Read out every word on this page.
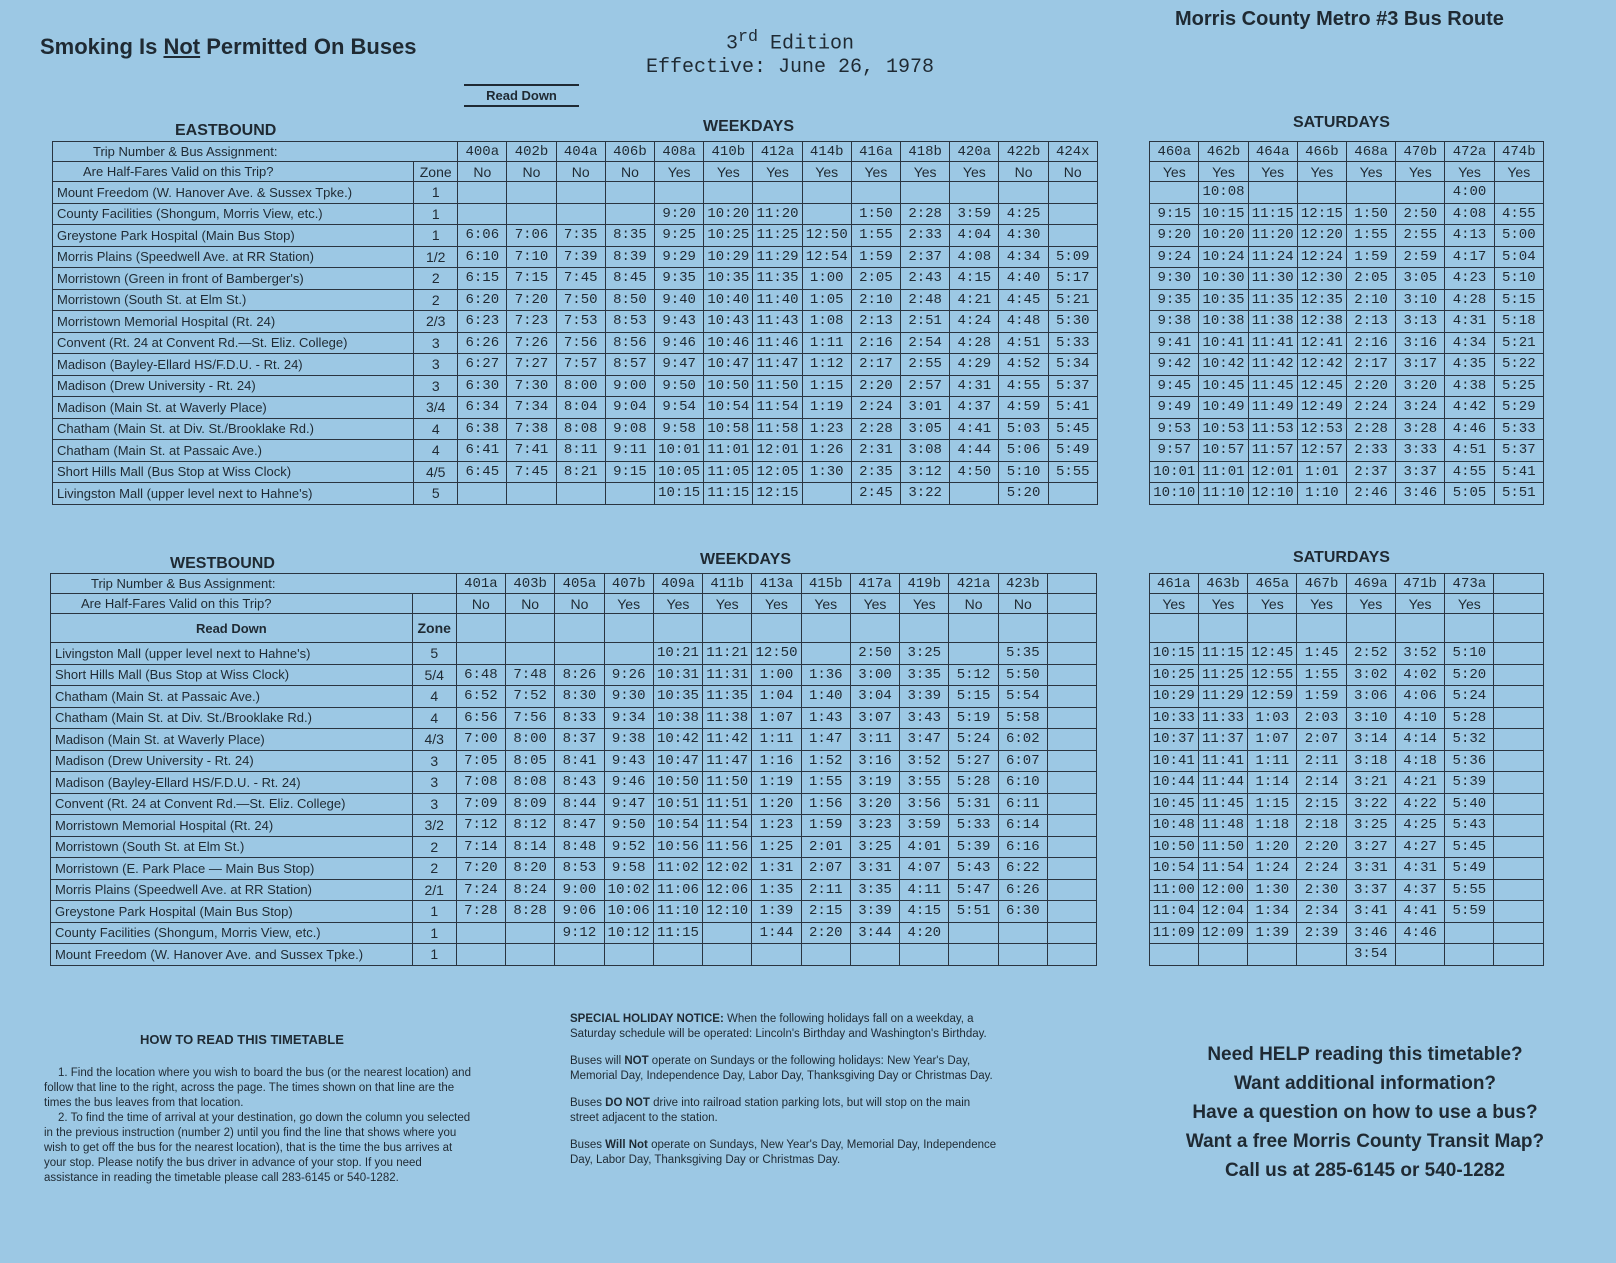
Smoking Is Not Permitted On Buses	3rd Edition
Effective: June 26, 1978
Morris County Metro #3 Bus Route
Read Down
EASTBOUND	WEEKDAYS	SATURDAYS
Trip Number & Bus Assignment:		400a	402b	404a	406b	408a	410b	412a	414b	416a	418b	420a	422b	424x		460a	462b	464a	466b	468a	470b	472a	474b
Are Half-Fares Valid on this Trip?	Zone	No	No	No	No	Yes	Yes	Yes	Yes	Yes	Yes	Yes	No	No		Yes	Yes	Yes	Yes	Yes	Yes	Yes	Yes
Mount Freedom (W. Hanover Ave. & Sussex Tpke.)	1																10:08					4:00	
County Facilities (Shongum, Morris View, etc.)	1					9:20	10:20	11:20		1:50	2:28	3:59	4:25			9:15	10:15	11:15	12:15	1:50	2:50	4:08	4:55
Greystone Park Hospital (Main Bus Stop)	1	6:06	7:06	7:35	8:35	9:25	10:25	11:25	12:50	1:55	2:33	4:04	4:30			9:20	10:20	11:20	12:20	1:55	2:55	4:13	5:00
Morris Plains (Speedwell Ave. at RR Station)	1/2	6:10	7:10	7:39	8:39	9:29	10:29	11:29	12:54	1:59	2:37	4:08	4:34	5:09		9:24	10:24	11:24	12:24	1:59	2:59	4:17	5:04
Morristown (Green in front of Bamberger's)	2	6:15	7:15	7:45	8:45	9:35	10:35	11:35	1:00	2:05	2:43	4:15	4:40	5:17		9:30	10:30	11:30	12:30	2:05	3:05	4:23	5:10
Morristown (South St. at Elm St.)	2	6:20	7:20	7:50	8:50	9:40	10:40	11:40	1:05	2:10	2:48	4:21	4:45	5:21		9:35	10:35	11:35	12:35	2:10	3:10	4:28	5:15
Morristown Memorial Hospital (Rt. 24)	2/3	6:23	7:23	7:53	8:53	9:43	10:43	11:43	1:08	2:13	2:51	4:24	4:48	5:30		9:38	10:38	11:38	12:38	2:13	3:13	4:31	5:18
Convent (Rt. 24 at Convent Rd.—St. Eliz. College)	3	6:26	7:26	7:56	8:56	9:46	10:46	11:46	1:11	2:16	2:54	4:28	4:51	5:33		9:41	10:41	11:41	12:41	2:16	3:16	4:34	5:21
Madison (Bayley-Ellard HS/F.D.U. - Rt. 24)	3	6:27	7:27	7:57	8:57	9:47	10:47	11:47	1:12	2:17	2:55	4:29	4:52	5:34		9:42	10:42	11:42	12:42	2:17	3:17	4:35	5:22
Madison (Drew University - Rt. 24)	3	6:30	7:30	8:00	9:00	9:50	10:50	11:50	1:15	2:20	2:57	4:31	4:55	5:37		9:45	10:45	11:45	12:45	2:20	3:20	4:38	5:25
Madison (Main St. at Waverly Place)	3/4	6:34	7:34	8:04	9:04	9:54	10:54	11:54	1:19	2:24	3:01	4:37	4:59	5:41		9:49	10:49	11:49	12:49	2:24	3:24	4:42	5:29
Chatham (Main St. at Div. St./Brooklake Rd.)	4	6:38	7:38	8:08	9:08	9:58	10:58	11:58	1:23	2:28	3:05	4:41	5:03	5:45		9:53	10:53	11:53	12:53	2:28	3:28	4:46	5:33
Chatham (Main St. at Passaic Ave.)	4	6:41	7:41	8:11	9:11	10:01	11:01	12:01	1:26	2:31	3:08	4:44	5:06	5:49		9:57	10:57	11:57	12:57	2:33	3:33	4:51	5:37
Short Hills Mall (Bus Stop at Wiss Clock)	4/5	6:45	7:45	8:21	9:15	10:05	11:05	12:05	1:30	2:35	3:12	4:50	5:10	5:55		10:01	11:01	12:01	1:01	2:37	3:37	4:55	5:41
Livingston Mall (upper level next to Hahne's)	5					10:15	11:15	12:15		2:45	3:22		5:20			10:10	11:10	12:10	1:10	2:46	3:46	5:05	5:51
WESTBOUND	WEEKDAYS	SATURDAYS
Trip Number & Bus Assignment:		401a	403b	405a	407b	409a	411b	413a	415b	417a	419b	421a	423b			461a	463b	465a	467b	469a	471b	473a	
Are Half-Fares Valid on this Trip?		No	No	No	Yes	Yes	Yes	Yes	Yes	Yes	Yes	No	No			Yes	Yes	Yes	Yes	Yes	Yes	Yes	
Read Down	Zone																						
Livingston Mall (upper level next to Hahne's)	5					10:21	11:21	12:50		2:50	3:25		5:35			10:15	11:15	12:45	1:45	2:52	3:52	5:10	
Short Hills Mall (Bus Stop at Wiss Clock)	5/4	6:48	7:48	8:26	9:26	10:31	11:31	1:00	1:36	3:00	3:35	5:12	5:50			10:25	11:25	12:55	1:55	3:02	4:02	5:20	
Chatham (Main St. at Passaic Ave.)	4	6:52	7:52	8:30	9:30	10:35	11:35	1:04	1:40	3:04	3:39	5:15	5:54			10:29	11:29	12:59	1:59	3:06	4:06	5:24	
Chatham (Main St. at Div. St./Brooklake Rd.)	4	6:56	7:56	8:33	9:34	10:38	11:38	1:07	1:43	3:07	3:43	5:19	5:58			10:33	11:33	1:03	2:03	3:10	4:10	5:28	
Madison (Main St. at Waverly Place)	4/3	7:00	8:00	8:37	9:38	10:42	11:42	1:11	1:47	3:11	3:47	5:24	6:02			10:37	11:37	1:07	2:07	3:14	4:14	5:32	
Madison (Drew University - Rt. 24)	3	7:05	8:05	8:41	9:43	10:47	11:47	1:16	1:52	3:16	3:52	5:27	6:07			10:41	11:41	1:11	2:11	3:18	4:18	5:36	
Madison (Bayley-Ellard HS/F.D.U. - Rt. 24)	3	7:08	8:08	8:43	9:46	10:50	11:50	1:19	1:55	3:19	3:55	5:28	6:10			10:44	11:44	1:14	2:14	3:21	4:21	5:39	
Convent (Rt. 24 at Convent Rd.—St. Eliz. College)	3	7:09	8:09	8:44	9:47	10:51	11:51	1:20	1:56	3:20	3:56	5:31	6:11			10:45	11:45	1:15	2:15	3:22	4:22	5:40	
Morristown Memorial Hospital (Rt. 24)	3/2	7:12	8:12	8:47	9:50	10:54	11:54	1:23	1:59	3:23	3:59	5:33	6:14			10:48	11:48	1:18	2:18	3:25	4:25	5:43	
Morristown (South St. at Elm St.)	2	7:14	8:14	8:48	9:52	10:56	11:56	1:25	2:01	3:25	4:01	5:39	6:16			10:50	11:50	1:20	2:20	3:27	4:27	5:45	
Morristown (E. Park Place — Main Bus Stop)	2	7:20	8:20	8:53	9:58	11:02	12:02	1:31	2:07	3:31	4:07	5:43	6:22			10:54	11:54	1:24	2:24	3:31	4:31	5:49	
Morris Plains (Speedwell Ave. at RR Station)	2/1	7:24	8:24	9:00	10:02	11:06	12:06	1:35	2:11	3:35	4:11	5:47	6:26			11:00	12:00	1:30	2:30	3:37	4:37	5:55	
Greystone Park Hospital (Main Bus Stop)	1	7:28	8:28	9:06	10:06	11:10	12:10	1:39	2:15	3:39	4:15	5:51	6:30			11:04	12:04	1:34	2:34	3:41	4:41	5:59	
County Facilities (Shongum, Morris View, etc.)	1			9:12	10:12	11:15		1:44	2:20	3:44	4:20					11:09	12:09	1:39	2:39	3:46	4:46		
Mount Freedom (W. Hanover Ave. and Sussex Tpke.)	1																			3:54			
HOW TO READ THIS TIMETABLE

1. Find the location where you wish to board the bus (or the nearest location) and follow that line to the right, across the page. The times shown on that line are the times the bus leaves from that location.

2. To find the time of arrival at your destination, go down the column you selected in the previous instruction (number 2) until you find the line that shows where you wish to get off the bus for the nearest location), that is the time the bus arrives at your stop. Please notify the bus driver in advance of your stop. If you need assistance in reading the timetable please call 283-6145 or 540-1282.

SPECIAL HOLIDAY NOTICE: When the following holidays fall on a weekday, a Saturday schedule will be operated: Lincoln's Birthday and Washington's Birthday.

Buses will NOT operate on Sundays or the following holidays: New Year's Day, Memorial Day, Independence Day, Labor Day, Thanksgiving Day or Christmas Day.

Buses DO NOT drive into railroad station parking lots, but will stop on the main street adjacent to the station.

Buses Will Not operate on Sundays, New Year's Day, Memorial Day, Independence Day, Labor Day, Thanksgiving Day or Christmas Day.

Need HELP reading this timetable?
Want additional information?
Have a question on how to use a bus?
Want a free Morris County Transit Map?
Call us at 285-6145 or 540-1282
